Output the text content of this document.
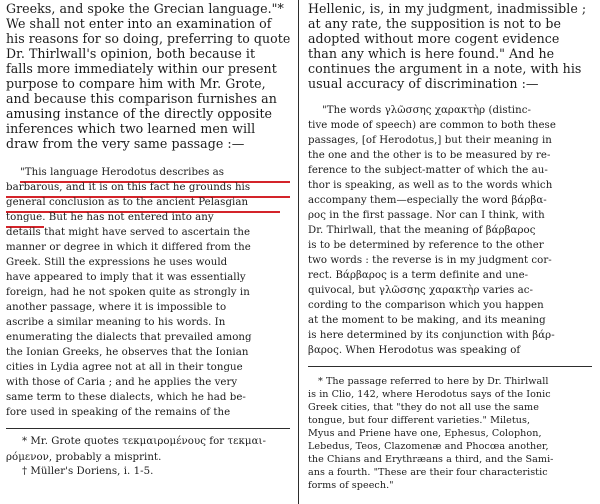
Greeks, and spoke the Grecian language."*
We shall not enter into an examination of
his reasons for so doing, preferring to quote
Dr. Thirlwall's opinion, both because it
falls more immediately within our present
purpose to compare him with Mr. Grote,
and because this comparison furnishes an
amusing instance of the directly opposite
inferences which two learned men will
draw from the very same passage :—
"This language Herodotus describes as
barbarous, and it is on this fact he grounds his
general conclusion as to the ancient Pelasgian
tongue. But he has not entered into any
details that might have served to ascertain the
manner or degree in which it differed from the
Greek. Still the expressions he uses would
have appeared to imply that it was essentially
foreign, had he not spoken quite as strongly in
another passage, where it is impossible to
ascribe a similar meaning to his words. In
enumerating the dialects that prevailed among
the Ionian Greeks, he observes that the Ionian
cities in Lydia agree not at all in their tongue
with those of Caria ; and he applies the very
same term to these dialects, which he had be-
fore used in speaking of the remains of the
* Mr. Grote quotes τεκμαιρομένους for τεκμαι-
ρόμενον, probably a misprint.
† Müller's Doriens, i. 1-5.
Hellenic, is, in my judgment, inadmissible ;
at any rate, the supposition is not to be
adopted without more cogent evidence
than any which is here found." And he
continues the argument in a note, with his
usual accuracy of discrimination :—
"The words γλῶσσης χαρακτὴρ (distinc-
tive mode of speech) are common to both these
passages, [of Herodotus,] but their meaning in
the one and the other is to be measured by re-
ference to the subject-matter of which the au-
thor is speaking, as well as to the words which
accompany them—especially the word βάρβα-
ρος in the first passage. Nor can I think, with
Dr. Thirlwall, that the meaning of βάρβαρος
is to be determined by reference to the other
two words : the reverse is in my judgment cor-
rect. Βάρβαρος is a term definite and une-
quivocal, but γλῶσσης χαρακτὴρ varies ac-
cording to the comparison which you happen
at the moment to be making, and its meaning
is here determined by its conjunction with βάρ-
βαρος. When Herodotus was speaking of
* The passage referred to here by Dr. Thirlwall
is in Clio, 142, where Herodotus says of the Ionic
Greek cities, that "they do not all use the same
tongue, but four different varieties." Miletus,
Myus and Priene have one, Ephesus, Colophon,
Lebedus, Teos, Clazomenæ and Phocœa another,
the Chians and Erythræans a third, and the Sami-
ans a fourth. "These are their four characteristic
forms of speech."
